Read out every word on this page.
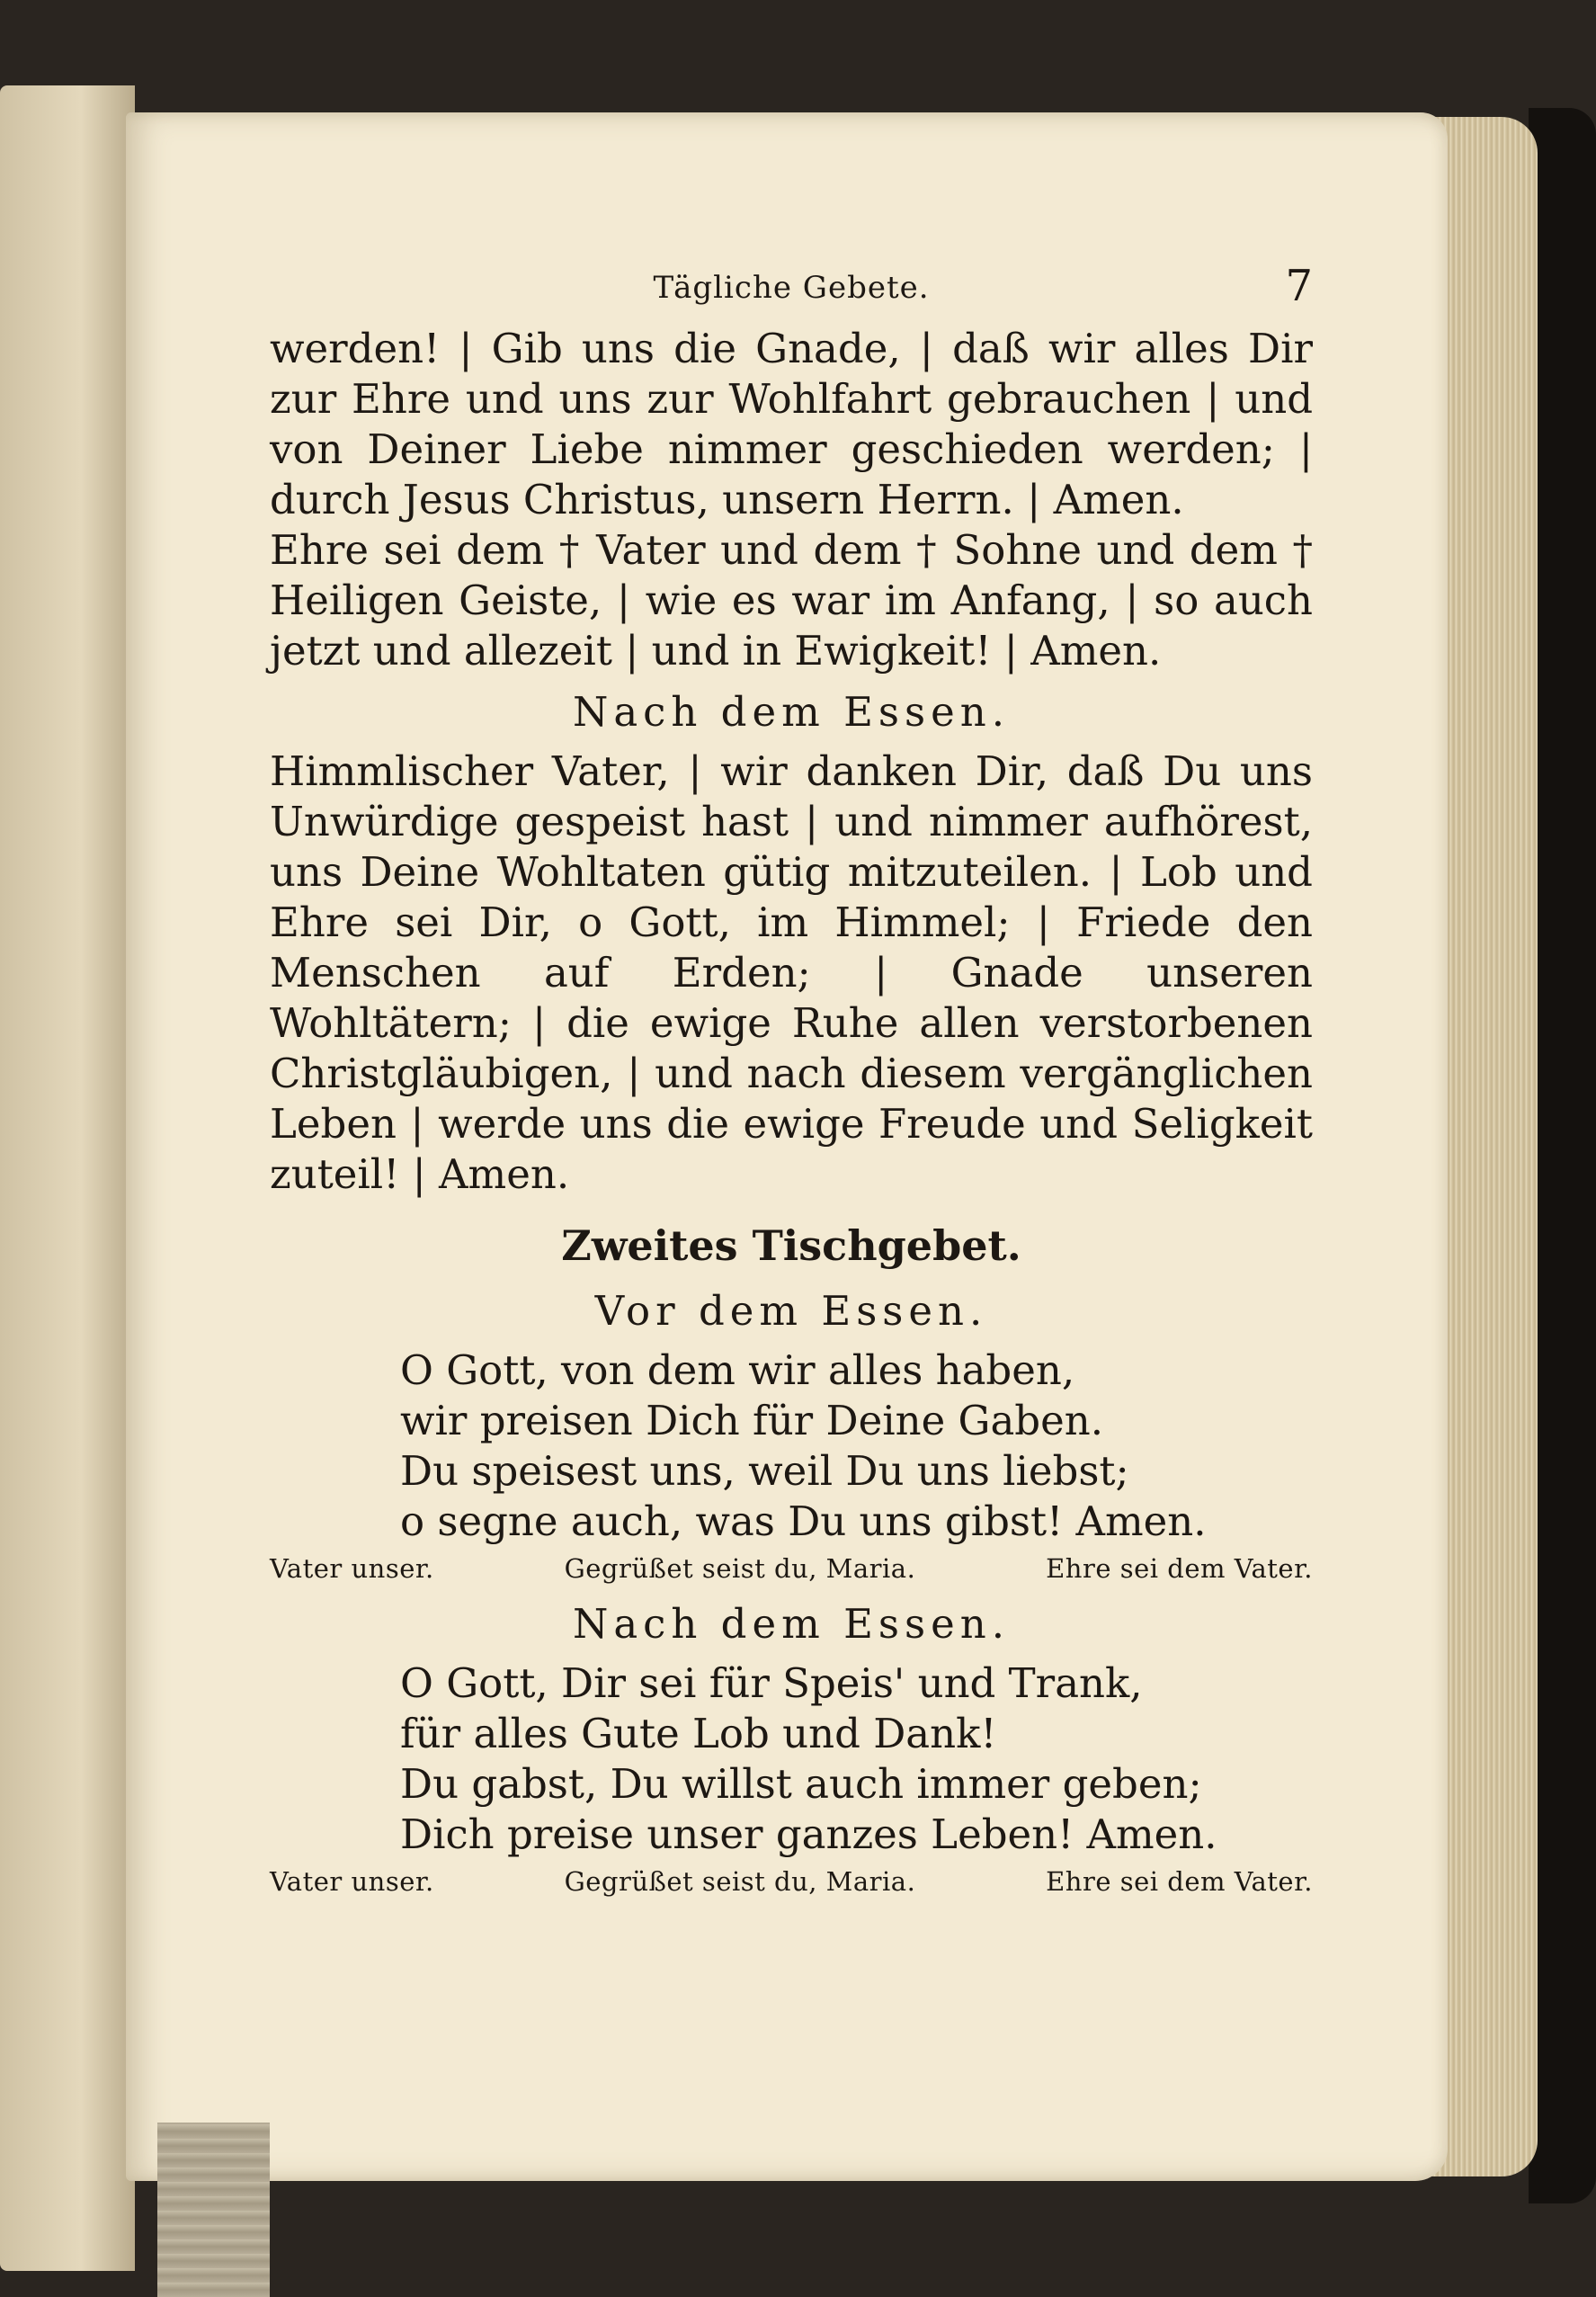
Tägliche Gebete.	7

werden! | Gib uns die Gnade, | daß wir alles Dir zur Ehre und uns zur Wohlfahrt gebrauchen | und von Deiner Liebe nimmer geschieden werden; | durch Jesus Christus, unsern Herrn. | Amen.

Ehre sei dem † Vater und dem † Sohne und dem † Heiligen Geiste, | wie es war im Anfang, | so auch jetzt und allezeit | und in Ewigkeit! | Amen.

Nach dem Essen.

Himmlischer Vater, | wir danken Dir, daß Du uns Unwürdige gespeist hast | und nimmer aufhörest, uns Deine Wohltaten gütig mitzuteilen. | Lob und Ehre sei Dir, o Gott, im Himmel; | Friede den Menschen auf Erden; | Gnade unseren Wohltätern; | die ewige Ruhe allen verstorbenen Christgläubigen, | und nach diesem vergänglichen Leben | werde uns die ewige Freude und Seligkeit zuteil! | Amen.

Zweites Tischgebet.
Vor dem Essen.
O Gott, von dem wir alles haben,
wir preisen Dich für Deine Gaben.
Du speisest uns, weil Du uns liebst;
o segne auch, was Du uns gibst! Amen.
Vater unser.	Gegrüßet seist du, Maria.	Ehre sei dem Vater.
Nach dem Essen.
O Gott, Dir sei für Speis' und Trank,
für alles Gute Lob und Dank!
Du gabst, Du willst auch immer geben;
Dich preise unser ganzes Leben! Amen.
Vater unser.	Gegrüßet seist du, Maria.	Ehre sei dem Vater.
